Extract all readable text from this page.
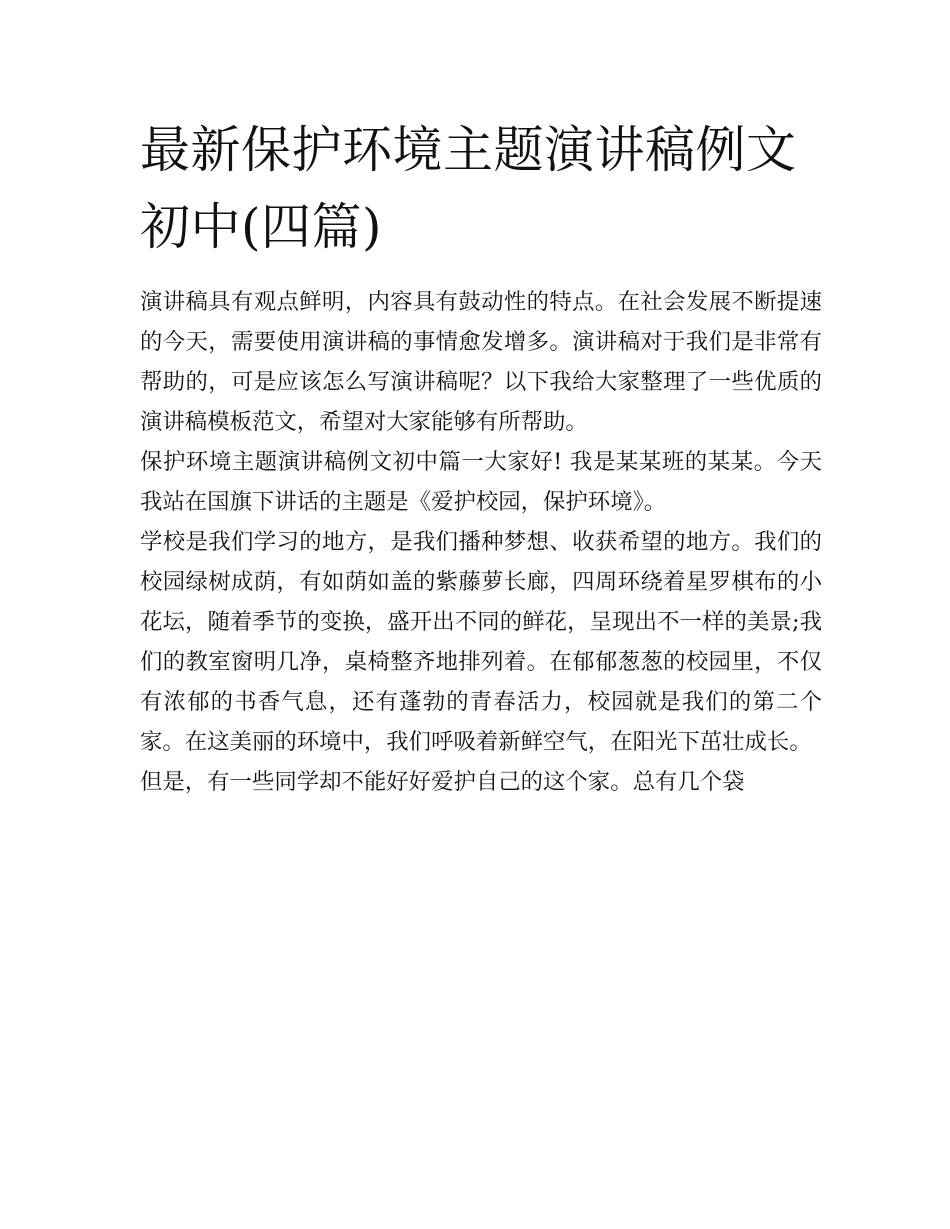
最新保护环境主题演讲稿例文初中(四篇)

演讲稿具有观点鲜明，内容具有鼓动性的特点。在社会发展不断提速的今天，需要使用演讲稿的事情愈发增多。演讲稿对于我们是非常有帮助的，可是应该怎么写演讲稿呢？以下我给大家整理了一些优质的演讲稿模板范文，希望对大家能够有所帮助。

保护环境主题演讲稿例文初中篇一大家好! 我是某某班的某某。今天我站在国旗下讲话的主题是《爱护校园，保护环境》。

学校是我们学习的地方，是我们播种梦想、收获希望的地方。我们的校园绿树成荫，有如荫如盖的紫藤萝长廊，四周环绕着星罗棋布的小花坛，随着季节的变换，盛开出不同的鲜花，呈现出不一样的美景;我们的教室窗明几净，桌椅整齐地排列着。在郁郁葱葱的校园里，不仅有浓郁的书香气息，还有蓬勃的青春活力，校园就是我们的第二个家。在这美丽的环境中，我们呼吸着新鲜空气，在阳光下茁壮成长。

但是，有一些同学却不能好好爱护自己的这个家。总有几个袋
